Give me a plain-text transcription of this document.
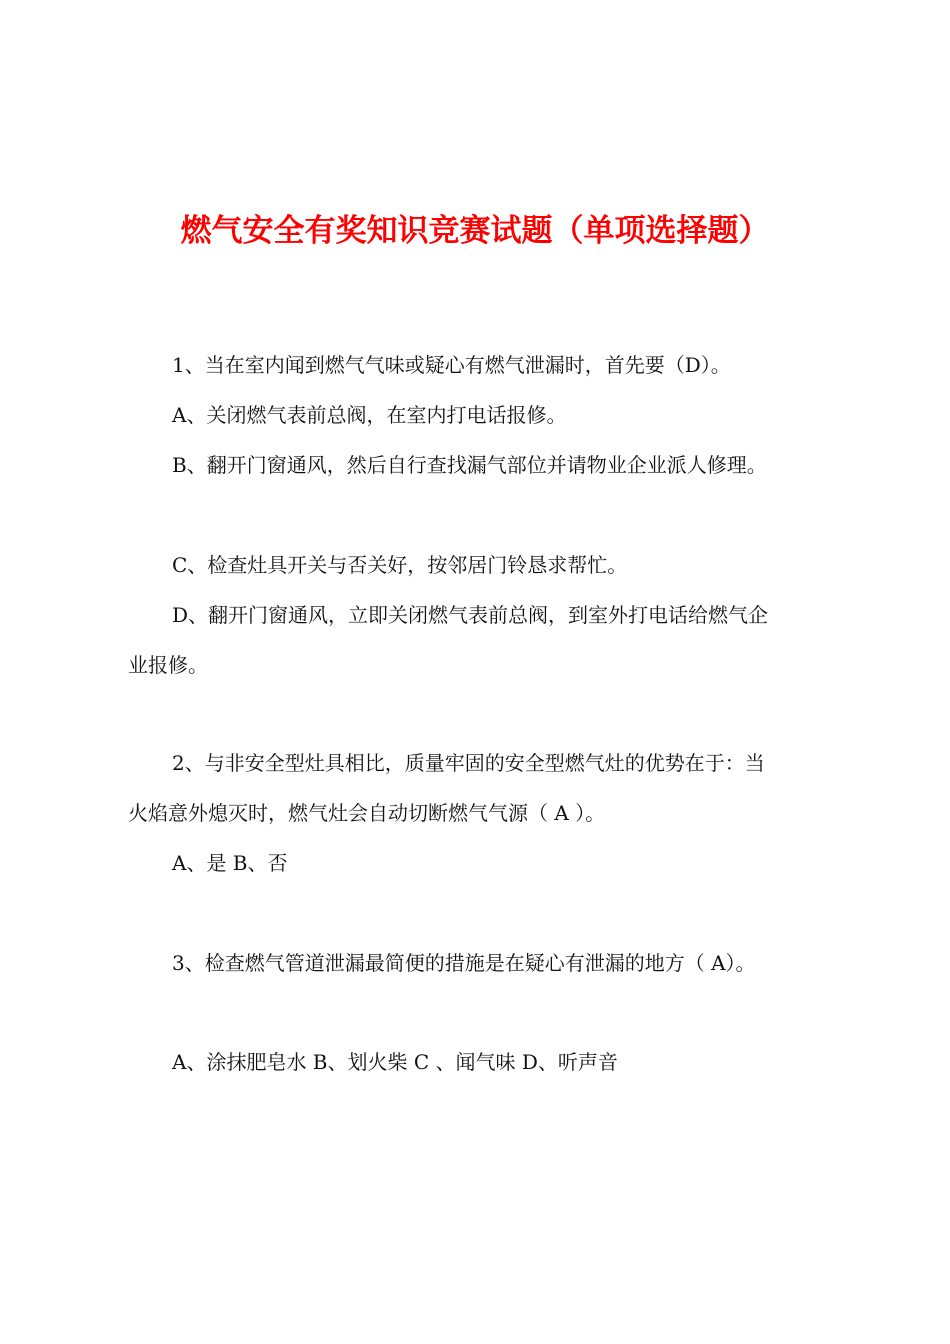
燃气安全有奖知识竞赛试题（单项选择题）
1、当在室内闻到燃气气味或疑心有燃气泄漏时，首先要（D）。
A、关闭燃气表前总阀，在室内打电话报修。
B、翻开门窗通风，然后自行查找漏气部位并请物业企业派人修理。
C、检查灶具开关与否关好，按邻居门铃恳求帮忙。
D、翻开门窗通风，立即关闭燃气表前总阀，到室外打电话给燃气企
业报修。
2、与非安全型灶具相比，质量牢固的安全型燃气灶的优势在于：当
火焰意外熄灭时，燃气灶会自动切断燃气气源（ A ）。
A、是 B、否
3、检查燃气管道泄漏最简便的措施是在疑心有泄漏的地方（ A）。
A、涂抹肥皂水 B、划火柴 C 、闻气味 D、听声音
